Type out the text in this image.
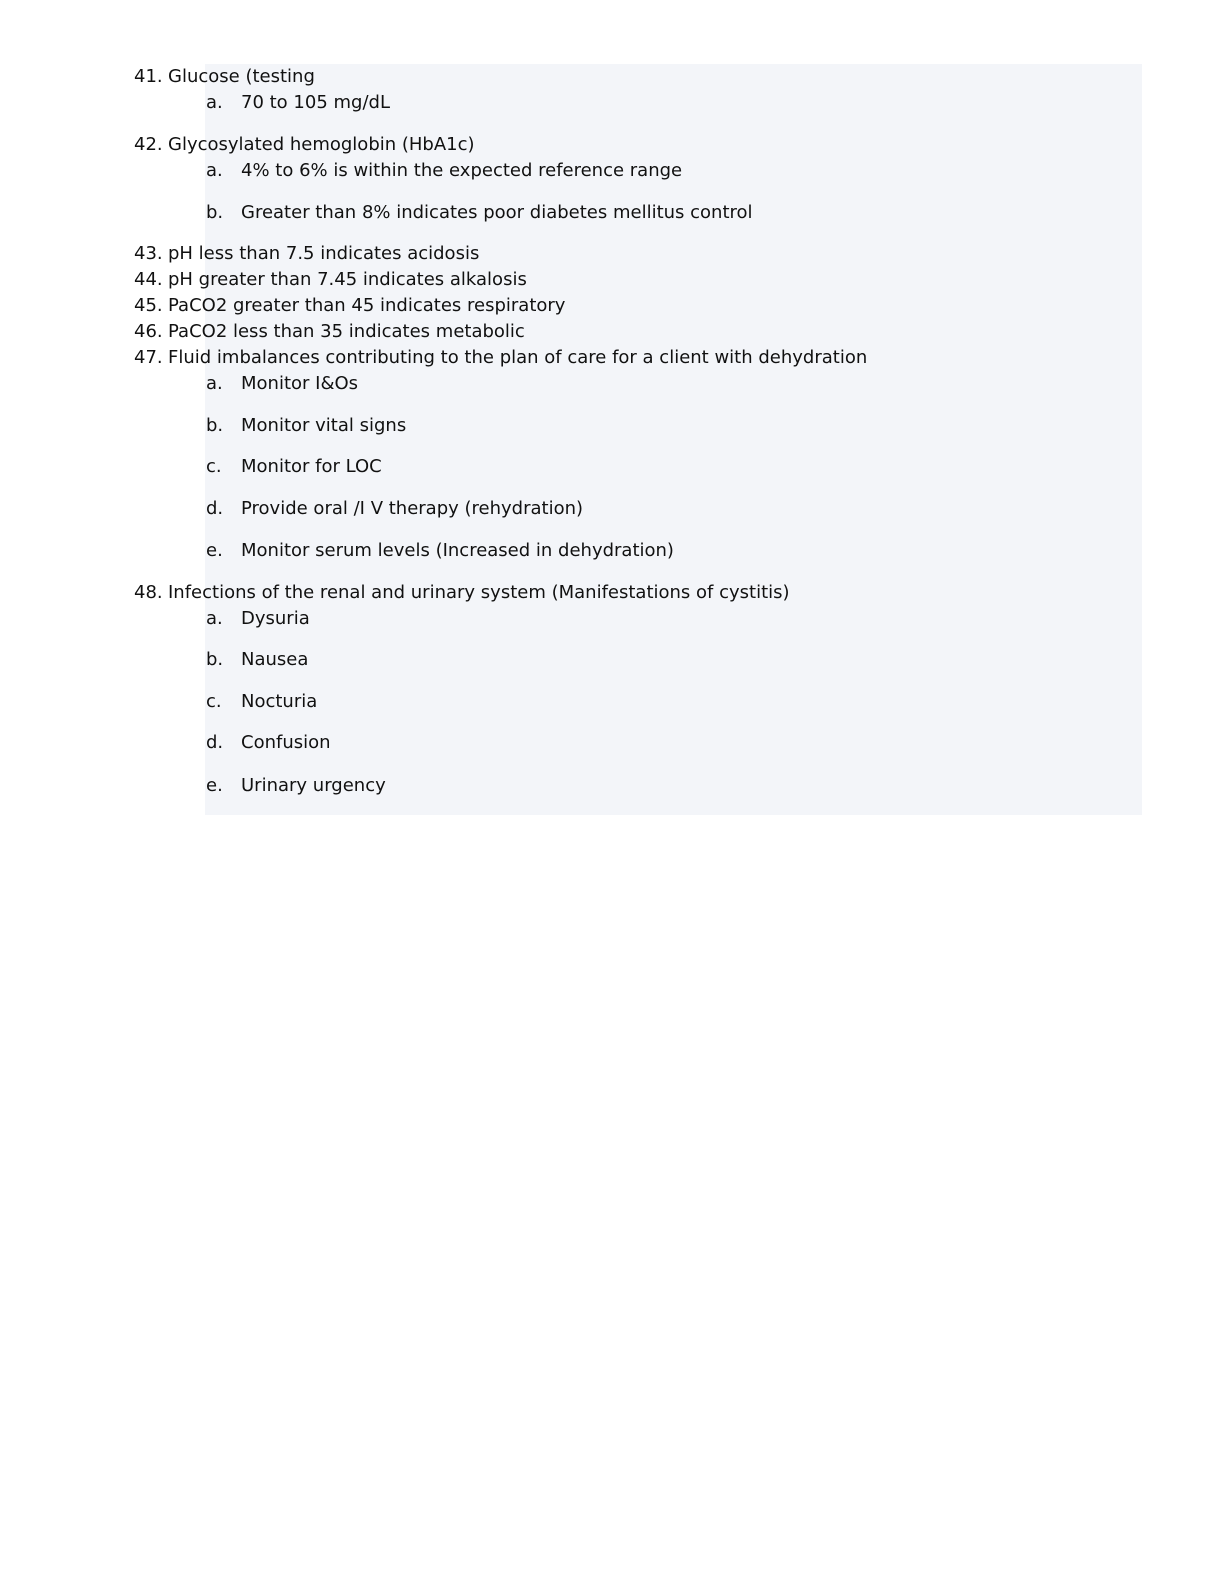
41. Glucose (testing
a. 70 to 105 mg/dL
42. Glycosylated hemoglobin (HbA1c)
a. 4% to 6% is within the expected reference range
b. Greater than 8% indicates poor diabetes mellitus control
43. pH less than 7.5 indicates acidosis
44. pH greater than 7.45 indicates alkalosis
45. PaCO2 greater than 45 indicates respiratory
46. PaCO2 less than 35 indicates metabolic
47. Fluid imbalances contributing to the plan of care for a client with dehydration
a. Monitor I&Os
b. Monitor vital signs
c. Monitor for LOC
d. Provide oral /I V therapy (rehydration)
e. Monitor serum levels (Increased in dehydration)
48. Infections of the renal and urinary system (Manifestations of cystitis)
a. Dysuria
b. Nausea
c. Nocturia
d. Confusion
e. Urinary urgency
